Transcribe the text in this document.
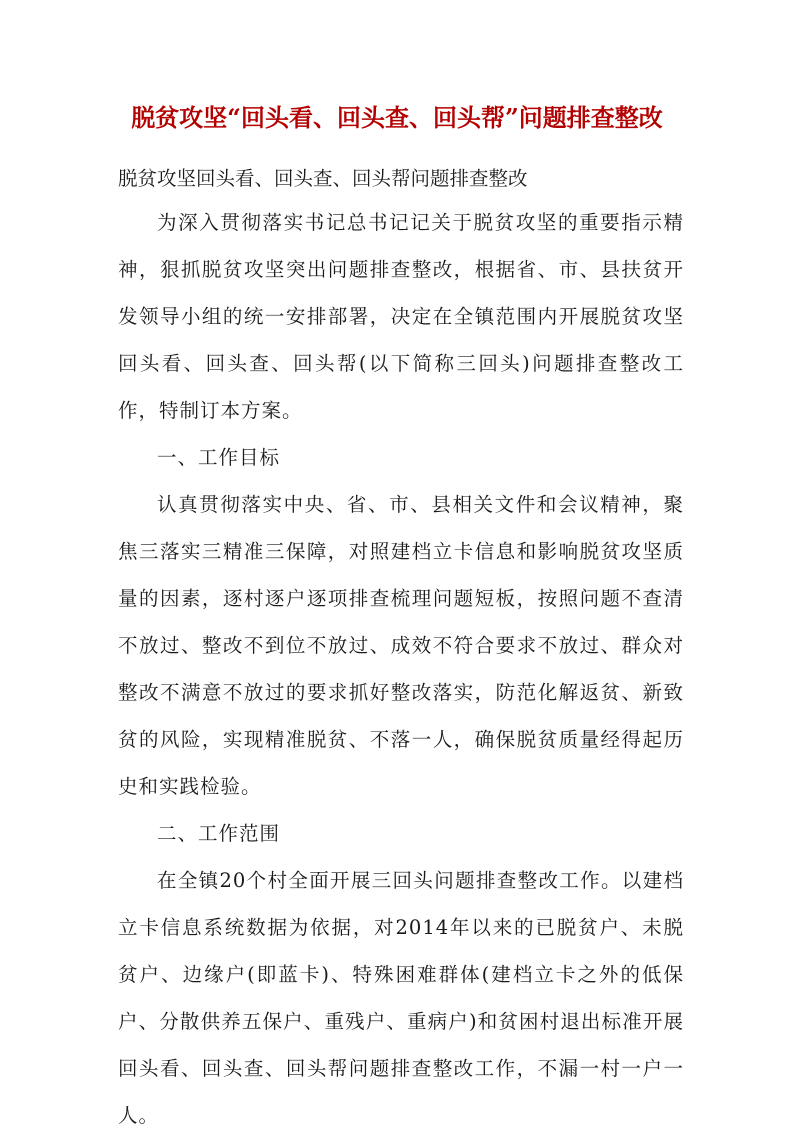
脱贫攻坚“回头看、回头查、回头帮”问题排查整改

脱贫攻坚回头看、回头查、回头帮问题排查整改

为深入贯彻落实书记总书记记关于脱贫攻坚的重要指示精神，狠抓脱贫攻坚突出问题排查整改，根据省、市、县扶贫开发领导小组的统一安排部署，决定在全镇范围内开展脱贫攻坚回头看、回头查、回头帮(以下简称三回头)问题排查整改工作，特制订本方案。

一、工作目标

认真贯彻落实中央、省、市、县相关文件和会议精神，聚焦三落实三精准三保障，对照建档立卡信息和影响脱贫攻坚质量的因素，逐村逐户逐项排查梳理问题短板，按照问题不查清不放过、整改不到位不放过、成效不符合要求不放过、群众对整改不满意不放过的要求抓好整改落实，防范化解返贫、新致贫的风险，实现精准脱贫、不落一人，确保脱贫质量经得起历史和实践检验。

二、工作范围

在全镇20个村全面开展三回头问题排查整改工作。以建档立卡信息系统数据为依据，对2014年以来的已脱贫户、未脱贫户、边缘户(即蓝卡)、特殊困难群体(建档立卡之外的低保户、分散供养五保户、重残户、重病户)和贫困村退出标准开展回头看、回头查、回头帮问题排查整改工作，不漏一村一户一人。
